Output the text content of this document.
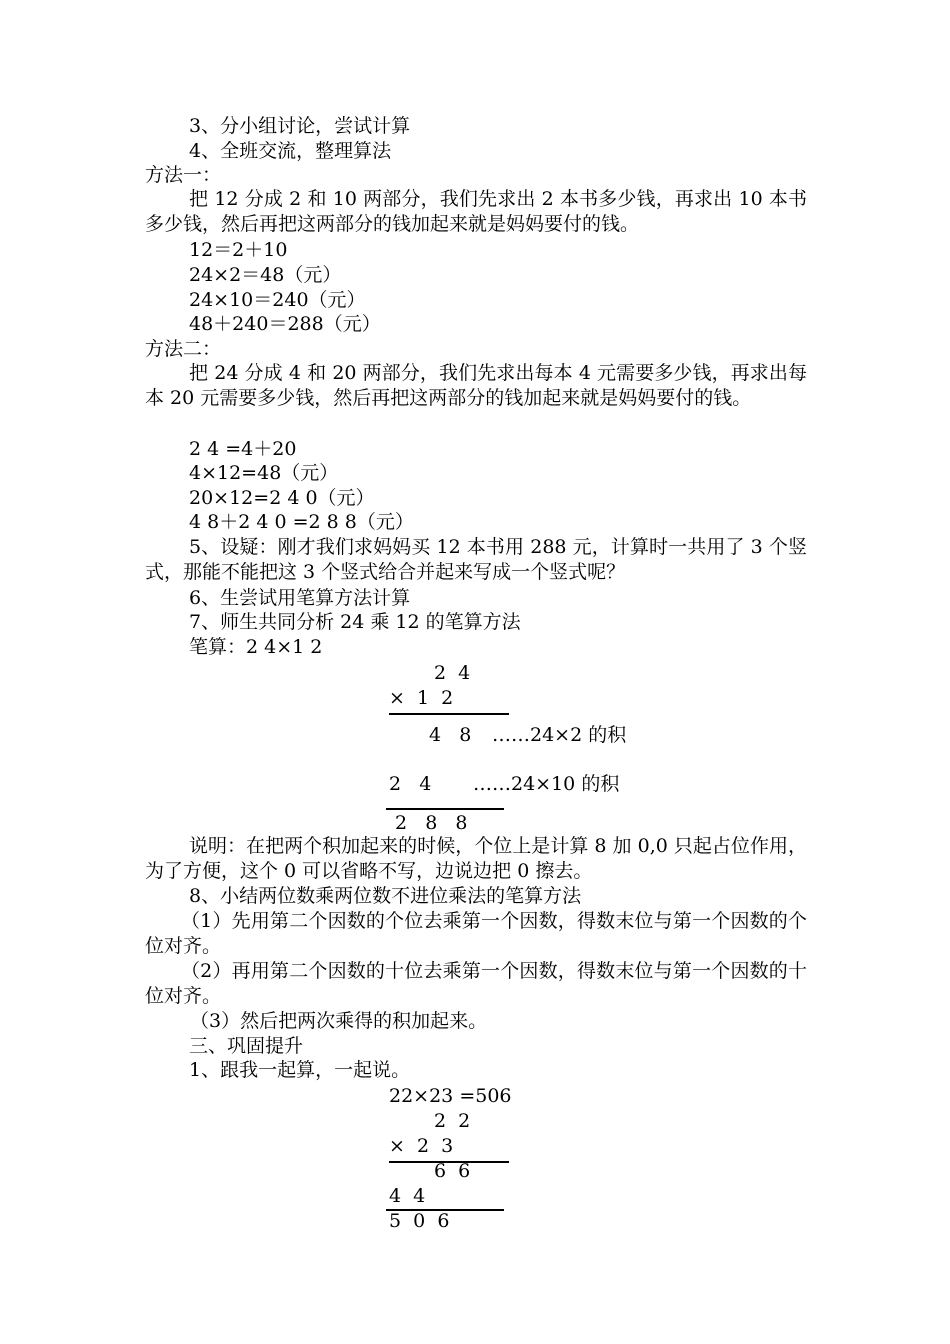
3、分小组讨论，尝试计算
4、全班交流，整理算法
方法一：
把 12 分成 2 和 10 两部分，我们先求出 2 本书多少钱，再求出 10 本书多少钱，然后再把这两部分的钱加起来就是妈妈要付的钱。
12＝2＋10
24×2＝48（元）
24×10＝240（元）
48＋240＝288（元）
方法二：
把 24 分成 4 和 20 两部分，我们先求出每本 4 元需要多少钱，再求出每本 20 元需要多少钱，然后再把这两部分的钱加起来就是妈妈要付的钱。
2 4 =4＋20
4×12=48（元）
20×12=2 4 0（元）
4 8＋2 4 0 =2 8 8（元）
5、设疑：刚才我们求妈妈买 12 本书用 288 元，计算时一共用了 3 个竖式，那能不能把这 3 个竖式给合并起来写成一个竖式呢？
6、生尝试用笔算方法计算
7、师生共同分析 24 乘 12 的笔算方法
笔算：2 4×1 2
2  4
×  1  2
4   8 ……24×2 的积
2   4 ……24×10 的积
2   8   8
说明：在把两个积加起来的时候，个位上是计算 8 加 0,0 只起占位作用，为了方便，这个 0 可以省略不写，边说边把 0 擦去。
8、小结两位数乘两位数不进位乘法的笔算方法
（1）先用第二个因数的个位去乘第一个因数，得数末位与第一个因数的个位对齐。
（2）再用第二个因数的十位去乘第一个因数，得数末位与第一个因数的十位对齐。
（3）然后把两次乘得的积加起来。
三、巩固提升
1、跟我一起算，一起说。
22×23 =506
2  2
×  2  3
6  6
4  4
5  0  6
